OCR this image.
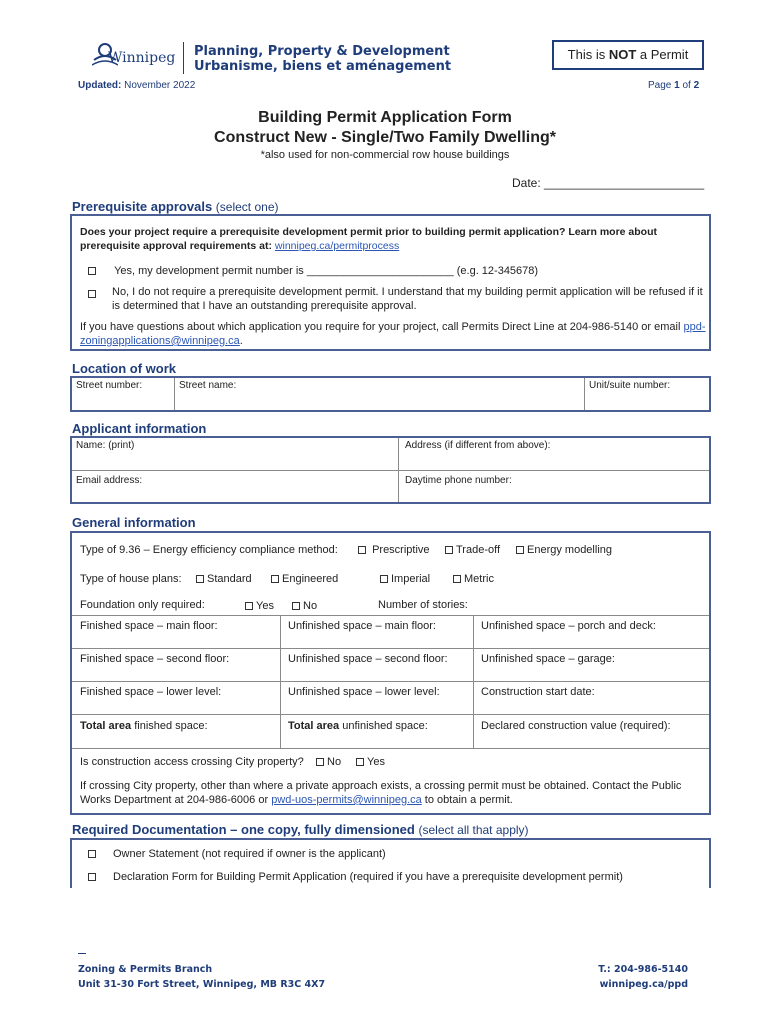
Winnipeg Planning, Property & Development
Urbanisme, biens et aménagement
This is NOT a Permit
Updated: November 2022	Page 1 of 2
Building Permit Application Form
Construct New - Single/Two Family Dwelling*
*also used for non-commercial row house buildings
Date: ________________________
Prerequisite approvals (select one)
Does your project require a prerequisite development permit prior to building permit application? Learn more about prerequisite approval requirements at: winnipeg.ca/permitprocess
Yes, my development permit number is ________________________ (e.g. 12-345678)
No, I do not require a prerequisite development permit. I understand that my building permit application will be refused if it is determined that I have an outstanding prerequisite approval.
If you have questions about which application you require for your project, call Permits Direct Line at 204-986-5140 or email ppd-zoningapplications@winnipeg.ca.
Location of work
Street number:	Street name:	Unit/suite number:
Applicant information
Name: (print)	Address (if different from above):
Email address:	Daytime phone number:
General information
Type of 9.36 – Energy efficiency compliance method:	Prescriptive	Trade-off	Energy modelling
Type of house plans:	Standard	Engineered	Imperial	Metric
Foundation only required:	Yes	No	Number of stories:
Finished space – main floor:	Unfinished space – main floor:	Unfinished space – porch and deck:
Finished space – second floor:	Unfinished space – second floor:	Unfinished space – garage:
Finished space – lower level:	Unfinished space – lower level:	Construction start date:
Total area finished space:	Total area unfinished space:	Declared construction value (required):
Is construction access crossing City property?	No	Yes
If crossing City property, other than where a private approach exists, a crossing permit must be obtained. Contact the Public Works Department at 204-986-6006 or pwd-uos-permits@winnipeg.ca to obtain a permit.
Required Documentation – one copy, fully dimensioned (select all that apply)
Owner Statement (not required if owner is the applicant)
Declaration Form for Building Permit Application (required if you have a prerequisite development permit)
Zoning & Permits Branch
Unit 31-30 Fort Street, Winnipeg, MB R3C 4X7
T.: 204-986-5140
winnipeg.ca/ppd
